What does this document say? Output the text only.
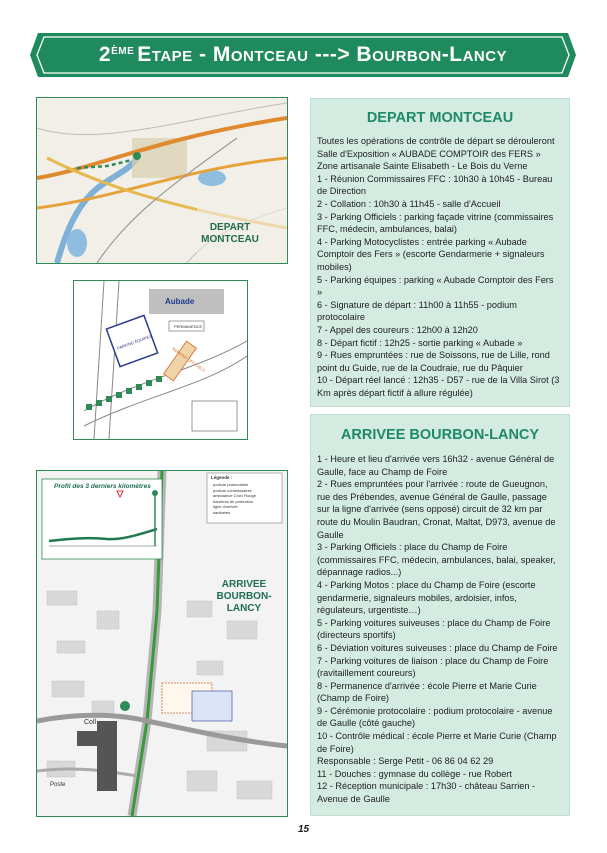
2ÈME Etape - Montceau ---> Bourbon-Lancy
DEPART
MONTCEAU
Aubade
PERMANENCE
PARKING ÉQUIPES
PARKING OFFICIELS
Profil des 3 derniers kilomètres
Légende :
podium protocolaire
podium commissaires
ambulance Croix Rouge
barrières de protection
ligne d'arrivée
sanitaires
ARRIVEE
BOURBON-
LANCY
Coll
Poste
DEPART MONTCEAU

Toutes les opérations de contrôle de départ se dérouleront Salle d'Exposition « AUBADE COMPTOIR des FERS » Zone artisanale Sainte Elisabeth - Le Bois du Verne

1 - Réunion Commissaires FFC : 10h30 à 10h45 - Bureau de Direction

2 - Collation : 10h30 à 11h45 - salle d'Accueil

3 - Parking Officiels : parking façade vitrine (commissaires FFC, médecin, ambulances, balai)

4 - Parking Motocyclistes : entrée parking « Aubade Comptoir des Fers » (escorte Gendarmerie + signaleurs mobiles)

5 - Parking équipes : parking « Aubade Comptoir des Fers »

6 - Signature de départ : 11h00 à 11h55 - podium protocolaire

7 - Appel des coureurs : 12h00 à 12h20

8 - Départ fictif : 12h25 - sortie parking « Aubade »

9 - Rues empruntées : rue de Soissons, rue de Lille, rond point du Guide, rue de la Coudraie, rue du Pâquier

10 - Départ réel lancé : 12h35 - D57 - rue de la Villa Sirot (3 Km après départ fictif à allure régulée)

ARRIVEE BOURBON-LANCY

1 - Heure et lieu d'arrivée vers 16h32 - avenue Général de Gaulle, face au Champ de Foire

2 - Rues empruntées pour l'arrivée : route de Gueugnon, rue des Prébendes, avenue Général de Gaulle, passage sur la ligne d'arrivée (sens opposé) circuit de 32 km par route du Moulin Baudran, Cronat, Maltat, D973, avenue de Gaulle

3 - Parking Officiels : place du Champ de Foire (commissaires FFC, médecin, ambulances, balai, speaker, dépannage radios...)

4 - Parking Motos : place du Champ de Foire (escorte gendarmerie, signaleurs mobiles, ardoisier, infos, régulateurs, urgentiste…)

5 - Parking voitures suiveuses : place du Champ de Foire (directeurs sportifs)

6 - Déviation voitures suiveuses : place du Champ de Foire

7 - Parking voitures de liaison : place du Champ de Foire (ravitaillement coureurs)

8 - Permanence d'arrivée : école Pierre et Marie Curie (Champ de Foire)

9 - Cérémonie protocolaire : podium protocolaire - avenue de Gaulle (côté gauche)

10 - Contrôle médical : école Pierre et Marie Curie (Champ de Foire)

Responsable : Serge Petit - 06 86 04 62 29

11 - Douches : gymnase du collège - rue Robert

12 - Réception municipale : 17h30 - château Sarrien - Avenue de Gaulle

15
